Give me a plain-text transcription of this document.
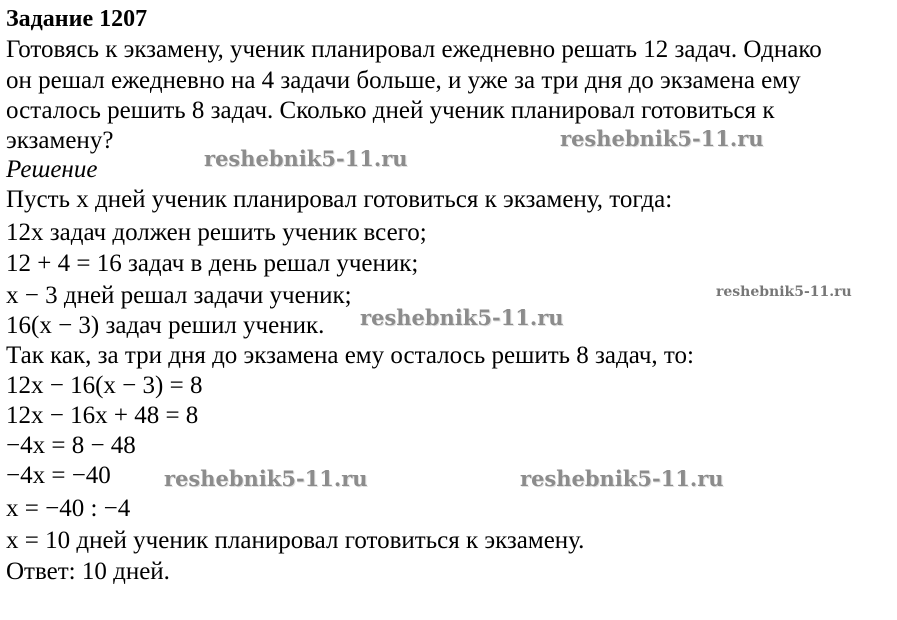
Задание 1207
Готовясь к экзамену, ученик планировал ежедневно решать 12 задач. Однако
он решал ежедневно на 4 задачи больше, и уже за три дня до экзамена ему
осталось решить 8 задач. Сколько дней ученик планировал готовиться к
экзамену?
Решение
Пусть x дней ученик планировал готовиться к экзамену, тогда:
12x задач должен решить ученик всего;
12 + 4 = 16 задач в день решал ученик;
x − 3 дней решал задачи ученик;
16(x − 3) задач решил ученик.
Так как, за три дня до экзамена ему осталось решить 8 задач, то:
12x − 16(x − 3) = 8
12x − 16x + 48 = 8
−4x = 8 − 48
−4x = −40
x = −40 : −4
x = 10 дней ученик планировал готовиться к экзамену.
Ответ: 10 дней.
reshebnik5-11.ru
reshebnik5-11.ru
reshebnik5-11.ru
reshebnik5-11.ru
reshebnik5-11.ru	reshebnik5-11.ru
